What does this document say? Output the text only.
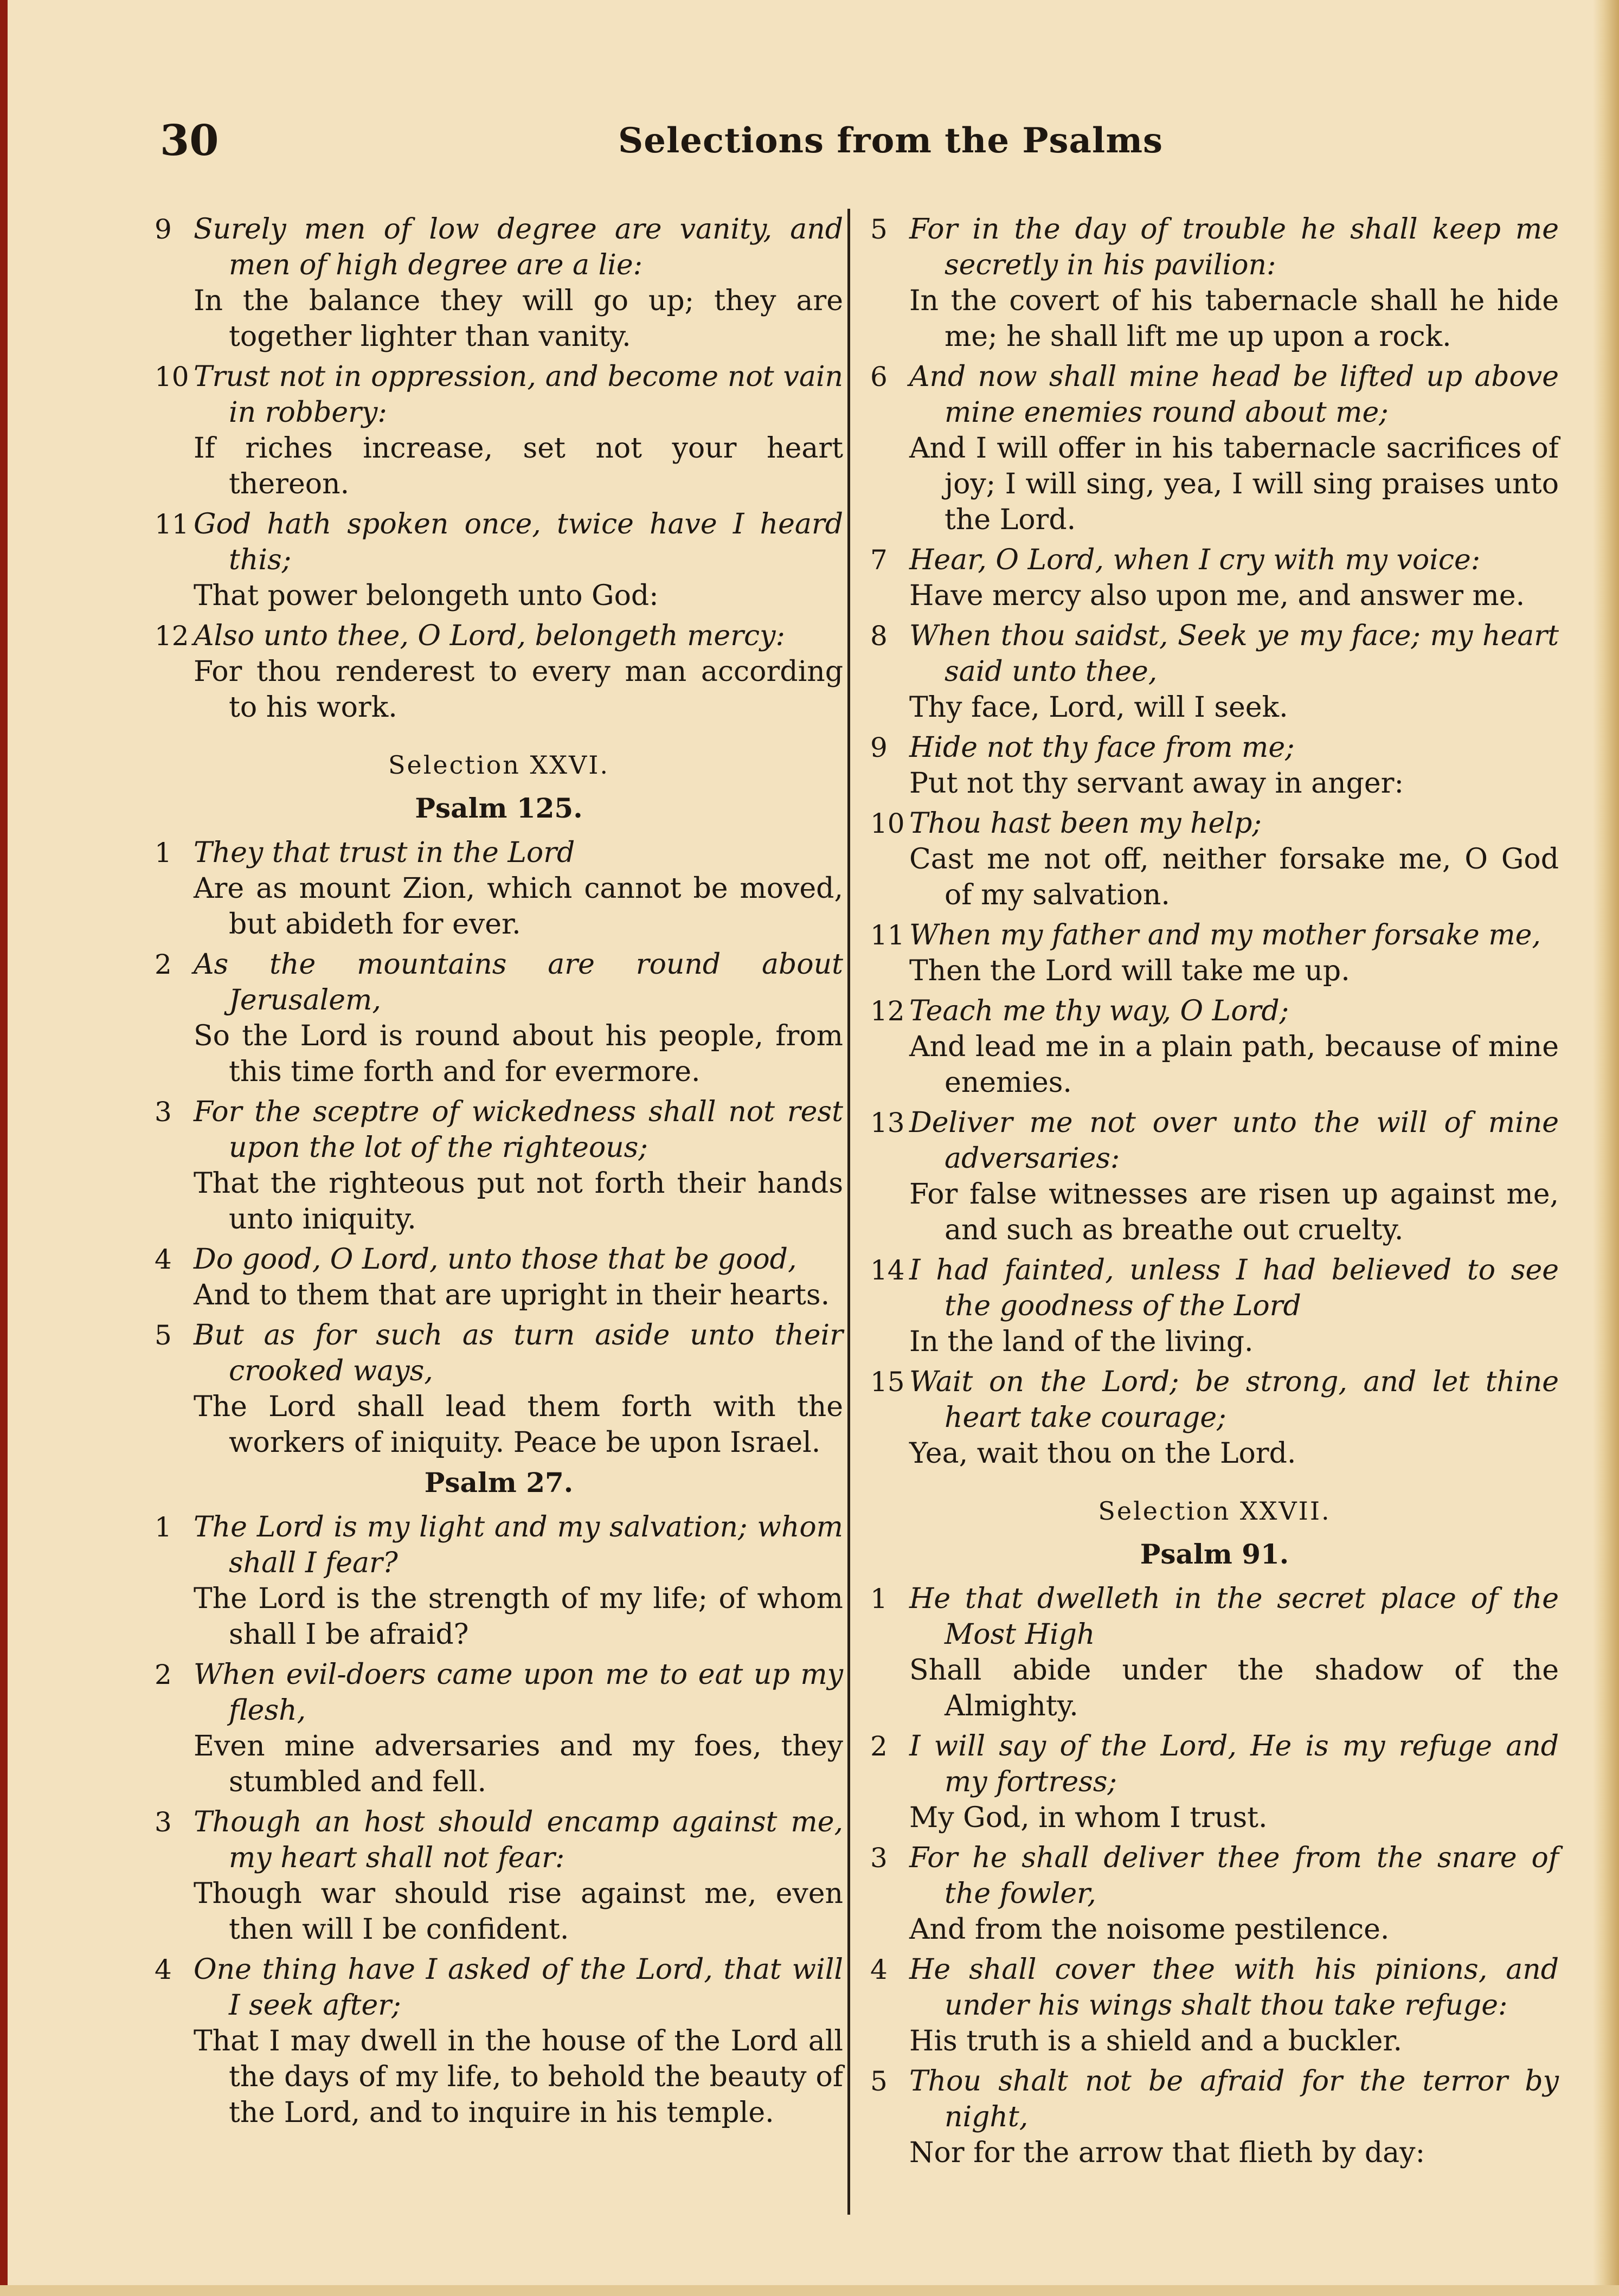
30	Selections from the Psalms
9 Surely men of low degree are vanity, and men of high degree are a lie:
In the balance they will go up; they are together lighter than vanity.
10 Trust not in oppression, and become not vain in robbery:
If riches increase, set not your heart thereon.
11 God hath spoken once, twice have I heard this;
That power belongeth unto God:
12 Also unto thee, O Lord, belongeth mercy:
For thou renderest to every man according to his work.
Selection XXVI.
Psalm 125.
1 They that trust in the Lord
Are as mount Zion, which cannot be moved, but abideth for ever.
2 As the mountains are round about Jerusalem,
So the Lord is round about his people, from this time forth and for evermore.
3 For the sceptre of wickedness shall not rest upon the lot of the righteous;
That the righteous put not forth their hands unto iniquity.
4 Do good, O Lord, unto those that be good,
And to them that are upright in their hearts.
5 But as for such as turn aside unto their crooked ways,
The Lord shall lead them forth with the workers of iniquity. Peace be upon Israel.
Psalm 27.
1 The Lord is my light and my salvation; whom shall I fear?
The Lord is the strength of my life; of whom shall I be afraid?
2 When evil-doers came upon me to eat up my flesh,
Even mine adversaries and my foes, they stumbled and fell.
3 Though an host should encamp against me, my heart shall not fear:
Though war should rise against me, even then will I be confident.
4 One thing have I asked of the Lord, that will I seek after;
That I may dwell in the house of the Lord all the days of my life, to behold the beauty of the Lord, and to inquire in his temple.
5 For in the day of trouble he shall keep me secretly in his pavilion:
In the covert of his tabernacle shall he hide me; he shall lift me up upon a rock.
6 And now shall mine head be lifted up above mine enemies round about me;
And I will offer in his tabernacle sacrifices of joy; I will sing, yea, I will sing praises unto the Lord.
7 Hear, O Lord, when I cry with my voice:
Have mercy also upon me, and answer me.
8 When thou saidst, Seek ye my face; my heart said unto thee,
Thy face, Lord, will I seek.
9 Hide not thy face from me;
Put not thy servant away in anger:
10 Thou hast been my help;
Cast me not off, neither forsake me, O God of my salvation.
11 When my father and my mother forsake me,
Then the Lord will take me up.
12 Teach me thy way, O Lord;
And lead me in a plain path, because of mine enemies.
13 Deliver me not over unto the will of mine adversaries:
For false witnesses are risen up against me, and such as breathe out cruelty.
14 I had fainted, unless I had believed to see the goodness of the Lord
In the land of the living.
15 Wait on the Lord; be strong, and let thine heart take courage;
Yea, wait thou on the Lord.
Selection XXVII.
Psalm 91.
1 He that dwelleth in the secret place of the Most High
Shall abide under the shadow of the Almighty.
2 I will say of the Lord, He is my refuge and my fortress;
My God, in whom I trust.
3 For he shall deliver thee from the snare of the fowler,
And from the noisome pestilence.
4 He shall cover thee with his pinions, and under his wings shalt thou take refuge:
His truth is a shield and a buckler.
5 Thou shalt not be afraid for the terror by night,
Nor for the arrow that flieth by day:
